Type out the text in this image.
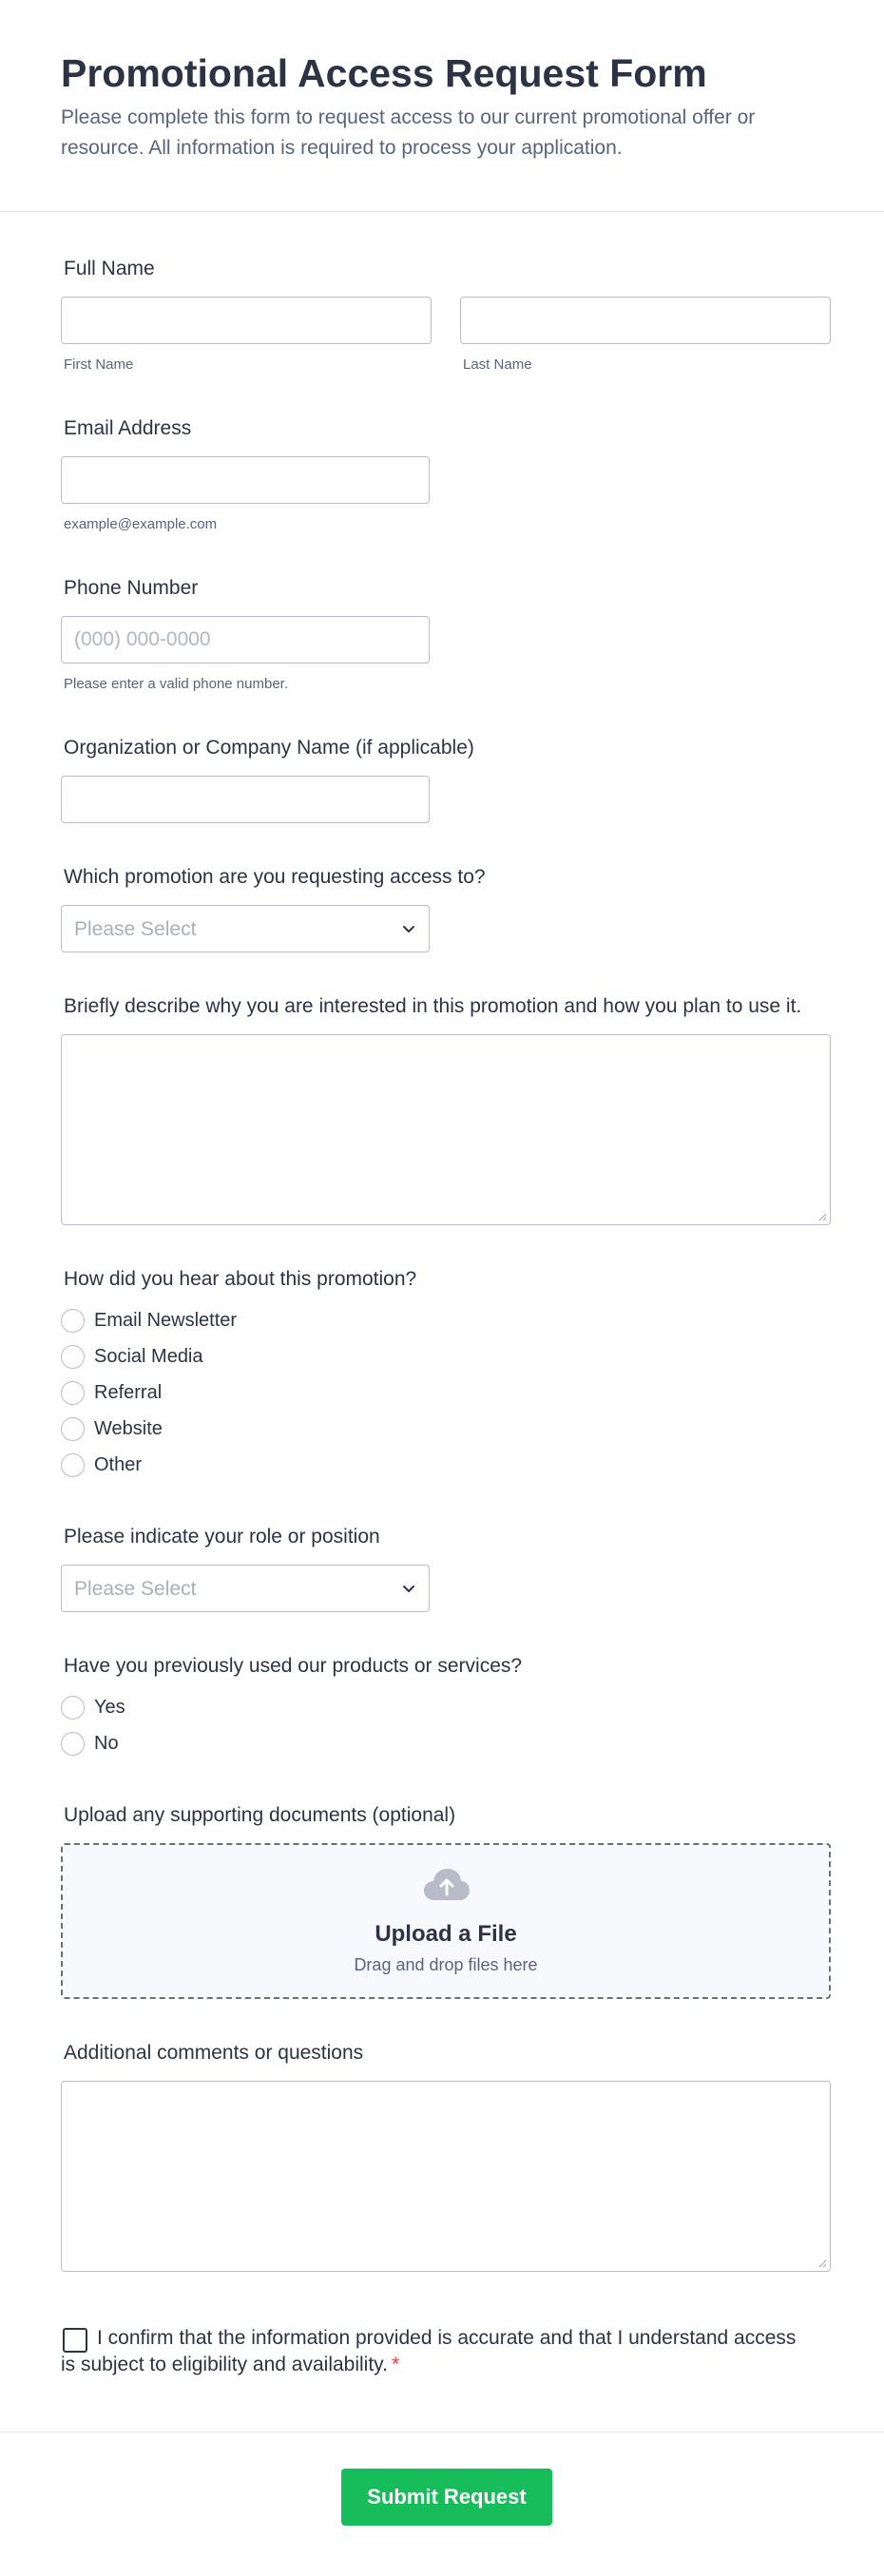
Promotional Access Request Form

Please complete this form to request access to our current promotional offer or resource. All information is required to process your application.

Full Name
First Name	Last Name
Email Address
example@example.com
Phone Number
(000) 000-0000
Please enter a valid phone number.
Organization or Company Name (if applicable)
Which promotion are you requesting access to?
Please Select
Briefly describe why you are interested in this promotion and how you plan to use it.
How did you hear about this promotion?
Email Newsletter
Social Media
Referral
Website
Other
Please indicate your role or position
Please Select
Have you previously used our products or services?
Yes
No
Upload any supporting documents (optional)
Upload a File
Drag and drop files here
Additional comments or questions

I confirm that the information provided is accurate and that I understand access is subject to eligibility and availability. *

Submit Request
